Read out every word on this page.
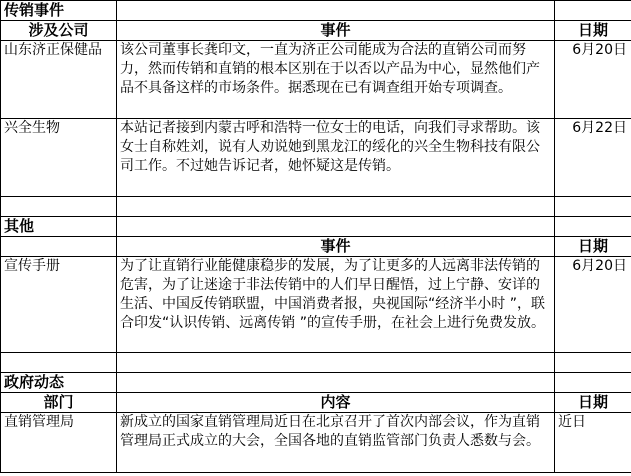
传销事件		
涉及公司	事件	日期
山东济正保健品	该公司董事长龚印文，一直为济正公司能成为合法的直销公司而努力，然而传销和直销的根本区别在于以否以产品为中心，显然他们产品不具备这样的市场条件。据悉现在已有调查组开始专项调查。	6月20日
兴全生物	本站记者接到内蒙古呼和浩特一位女士的电话，向我们寻求帮助。该女士自称姓刘，说有人劝说她到黑龙江的绥化的兴全生物科技有限公司工作。不过她告诉记者，她怀疑这是传销。	6月22日

其他		
	事件	日期
宣传手册	为了让直销行业能健康稳步的发展，为了让更多的人远离非法传销的危害，为了让迷途于非法传销中的人们早日醒悟，过上宁静、安详的生活、中国反传销联盟，中国消费者报，央视国际“经济半小时 ”，联合印发“认识传销、远离传销 ”的宣传手册，在社会上进行免费发放。	6月20日

政府动态		
部门	内容	日期
直销管理局	新成立的国家直销管理局近日在北京召开了首次内部会议，作为直销管理局正式成立的大会，全国各地的直销监管部门负责人悉数与会。	近日
